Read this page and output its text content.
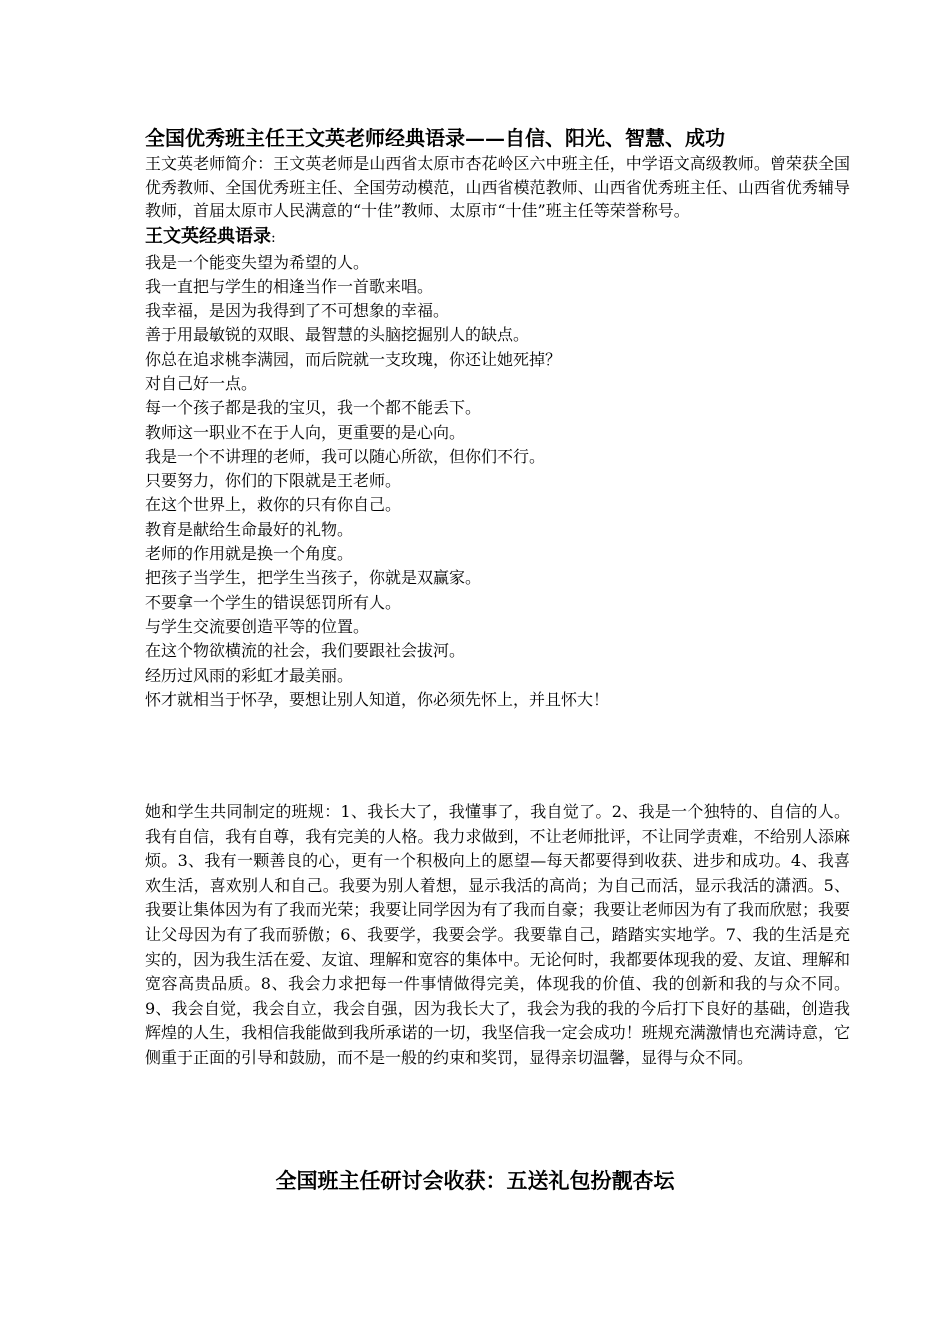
全国优秀班主任王文英老师经典语录——自信、阳光、智慧、成功

王文英老师简介：王文英老师是山西省太原市杏花岭区六中班主任，中学语文高级教师。曾荣获全国优秀教师、全国优秀班主任、全国劳动模范，山西省模范教师、山西省优秀班主任、山西省优秀辅导教师，首届太原市人民满意的“十佳”教师、太原市“十佳”班主任等荣誉称号。

王文英经典语录:
我是一个能变失望为希望的人。
我一直把与学生的相逢当作一首歌来唱。
我幸福，是因为我得到了不可想象的幸福。
善于用最敏锐的双眼、最智慧的头脑挖掘别人的缺点。
你总在追求桃李满园，而后院就一支玫瑰，你还让她死掉？
对自己好一点。
每一个孩子都是我的宝贝，我一个都不能丢下。
教师这一职业不在于人向，更重要的是心向。
我是一个不讲理的老师，我可以随心所欲，但你们不行。
只要努力，你们的下限就是王老师。
在这个世界上，救你的只有你自己。
教育是献给生命最好的礼物。
老师的作用就是换一个角度。
把孩子当学生，把学生当孩子，你就是双赢家。
不要拿一个学生的错误惩罚所有人。
与学生交流要创造平等的位置。
在这个物欲横流的社会，我们要跟社会拔河。
经历过风雨的彩虹才最美丽。
怀才就相当于怀孕，要想让别人知道，你必须先怀上，并且怀大！

她和学生共同制定的班规：1、我长大了，我懂事了，我自觉了。2、我是一个独特的、自信的人。我有自信，我有自尊，我有完美的人格。我力求做到，不让老师批评，不让同学责难，不给别人添麻烦。3、我有一颗善良的心，更有一个积极向上的愿望—每天都要得到收获、进步和成功。4、我喜欢生活，喜欢别人和自己。我要为别人着想，显示我活的高尚；为自己而活，显示我活的潇洒。5、我要让集体因为有了我而光荣；我要让同学因为有了我而自豪；我要让老师因为有了我而欣慰；我要让父母因为有了我而骄傲；6、我要学，我要会学。我要靠自己，踏踏实实地学。7、我的生活是充实的，因为我生活在爱、友谊、理解和宽容的集体中。无论何时，我都要体现我的爱、友谊、理解和宽容高贵品质。8、我会力求把每一件事情做得完美，体现我的价值、我的创新和我的与众不同。9、我会自觉，我会自立，我会自强，因为我长大了，我会为我的我的今后打下良好的基础，创造我辉煌的人生，我相信我能做到我所承诺的一切，我坚信我一定会成功！班规充满激情也充满诗意，它侧重于正面的引导和鼓励，而不是一般的约束和奖罚，显得亲切温馨，显得与众不同。

全国班主任研讨会收获：五送礼包扮靓杏坛
